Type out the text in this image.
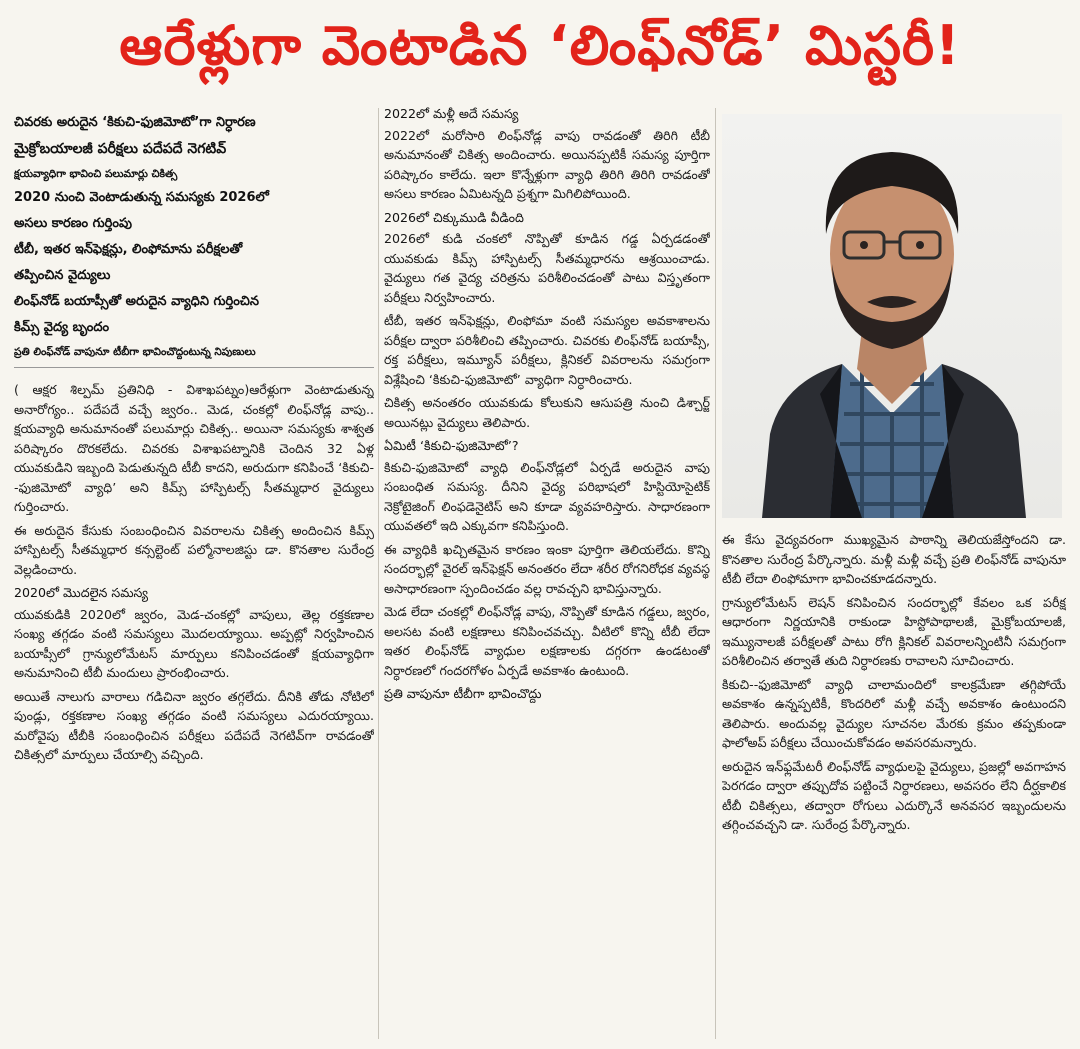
ఆరేళ్లుగా వెంటాడిన ‘లింఫ్‌నోడ్’ మిస్టరీ!
చివరకు అరుదైన ‘కికుచి-ఫుజిమోటో’గా నిర్ధారణ
మైక్రోబయాలజీ పరీక్షలు పదేపదే నెగటివ్
క్షయవ్యాధిగా భావించి పలుమార్లు చికిత్స
2020 నుంచి వెంటాడుతున్న సమస్యకు 2026లో
అసలు కారణం గుర్తింపు
టీబీ, ఇతర ఇన్‌ఫెక్షన్లు, లింఫోమాను పరీక్షలతో
తప్పించిన వైద్యులు
లింఫ్‌నోడ్ బయాప్సీతో అరుదైన వ్యాధిని గుర్తించిన
కిమ్స్ వైద్య బృందం
ప్రతి లింఫ్‌నోడ్ వాపునూ టీబీగా భావించొద్దంటున్న నిపుణులు

( ఆక్షర శిల్పమ్ ప్రతినిధి - విశాఖపట్నం)ఆరేళ్లుగా వెంటాడుతున్న అనారోగ్యం.. పదేపదే వచ్చే జ్వరం.. మెడ, చంకల్లో లింఫ్‌నోడ్ల వాపు.. క్షయవ్యాధి అనుమానంతో పలుమార్లు చికిత్స.. అయినా సమస్యకు శాశ్వత పరిష్కారం దొరకలేదు. చివరకు విశాఖపట్నానికి చెందిన 32 ఏళ్ల యువకుడిని ఇబ్బంది పెడుతున్నది టీబీ కాదని, అరుదుగా కనిపించే ‘కికుచి--ఫుజిమోటో వ్యాధి’ అని కిమ్స్ హాస్పిటల్స్ సీతమ్మధార వైద్యులు గుర్తించారు.

ఈ అరుదైన కేసుకు సంబంధించిన వివరాలను చికిత్స అందించిన కిమ్స్ హాస్పిటల్స్ సీతమ్మధార కన్సల్టెంట్ పల్మోనాలజిస్టు డా. కొనతాల సురేంద్ర వెల్లడించారు.

2020లో మొదలైన సమస్య

యువకుడికి 2020లో జ్వరం, మెడ-చంకల్లో వాపులు, తెల్ల రక్తకణాల సంఖ్య తగ్గడం వంటి సమస్యలు మొదలయ్యాయి. అప్పట్లో నిర్వహించిన బయాప్సీలో గ్రాన్యులోమేటస్ మార్పులు కనిపించడంతో క్షయవ్యాధిగా అనుమానించి టీబీ మందులు ప్రారంభించారు.

అయితే నాలుగు వారాలు గడిచినా జ్వరం తగ్గలేదు. దీనికి తోడు నోటిలో పుండ్లు, రక్తకణాల సంఖ్య తగ్గడం వంటి సమస్యలు ఎదురయ్యాయి. మరోవైపు టీబీకి సంబంధించిన పరీక్షలు పదేపదే నెగటివ్‌గా రావడంతో చికిత్సలో మార్పులు చేయాల్సి వచ్చింది.

2022లో మళ్లీ అదే సమస్య

2022లో మరోసారి లింఫ్‌నోడ్ల వాపు రావడంతో తిరిగి టీబీ అనుమానంతో చికిత్స అందించారు. అయినప్పటికీ సమస్య పూర్తిగా పరిష్కారం కాలేదు. ఇలా కొన్నేళ్లుగా వ్యాధి తిరిగి తిరిగి రావడంతో అసలు కారణం ఏమిటన్నది ప్రశ్నగా మిగిలిపోయింది.

2026లో చిక్కుముడి వీడింది

2026లో కుడి చంకలో నొప్పితో కూడిన గడ్డ ఏర్పడడంతో యువకుడు కిమ్స్ హాస్పిటల్స్ సీతమ్మధారను ఆశ్రయించాడు. వైద్యులు గత వైద్య చరిత్రను పరిశీలించడంతో పాటు విస్తృతంగా పరీక్షలు నిర్వహించారు.

టీబీ, ఇతర ఇన్‌ఫెక్షన్లు, లింఫోమా వంటి సమస్యల అవకాశాలను పరీక్షల ద్వారా పరిశీలించి తప్పించారు. చివరకు లింఫ్‌నోడ్ బయాప్సీ, రక్త పరీక్షలు, ఇమ్యూన్ పరీక్షలు, క్లినికల్ వివరాలను సమగ్రంగా విశ్లేషించి ‘కికుచి-ఫుజిమోటో’ వ్యాధిగా నిర్ధారించారు.

చికిత్స అనంతరం యువకుడు కోలుకుని ఆసుపత్రి నుంచి డిశ్చార్జ్ అయినట్లు వైద్యులు తెలిపారు.

ఏమిటీ ‘కికుచి-ఫుజిమోటో’?

కికుచి-ఫుజిమోటో వ్యాధి లింఫ్‌నోడ్లలో ఏర్పడే అరుదైన వాపు సంబంధిత సమస్య. దీనిని వైద్య పరిభాషలో హిస్టియోసైటిక్ నెక్రోటైజింగ్ లింఫడెనైటిస్ అని కూడా వ్యవహరిస్తారు. సాధారణంగా యువతలో ఇది ఎక్కువగా కనిపిస్తుంది.

ఈ వ్యాధికి ఖచ్చితమైన కారణం ఇంకా పూర్తిగా తెలియలేదు. కొన్ని సందర్భాల్లో వైరల్ ఇన్‌ఫెక్షన్ అనంతరం లేదా శరీర రోగనిరోధక వ్యవస్థ అసాధారణంగా స్పందించడం వల్ల రావచ్చని భావిస్తున్నారు.

మెడ లేదా చంకల్లో లింఫ్‌నోడ్ల వాపు, నొప్పితో కూడిన గడ్డలు, జ్వరం, అలసట వంటి లక్షణాలు కనిపించవచ్చు. వీటిలో కొన్ని టీబీ లేదా ఇతర లింఫ్‌నోడ్ వ్యాధుల లక్షణాలకు దగ్గరగా ఉండటంతో నిర్ధారణలో గందరగోళం ఏర్పడే అవకాశం ఉంటుంది.

ప్రతి వాపునూ టీబీగా భావించొద్దు

ఈ కేసు వైద్యవరంగా ముఖ్యమైన పాఠాన్ని తెలియజేస్తోందని డా. కొనతాల సురేంద్ర పేర్కొన్నారు. మళ్లీ మళ్లీ వచ్చే ప్రతి లింఫ్‌నోడ్ వాపునూ టీబీ లేదా లింఫోమాగా భావించకూడదన్నారు.

గ్రాన్యులోమేటస్ లెషన్ కనిపించిన సందర్భాల్లో కేవలం ఒక పరీక్ష ఆధారంగా నిర్ణయానికి రాకుండా హిస్టోపాథాలజీ, మైక్రోబయాలజీ, ఇమ్యునాలజీ పరీక్షలతో పాటు రోగి క్లినికల్ వివరాలన్నింటినీ సమగ్రంగా పరిశీలించిన తర్వాతే తుది నిర్ధారణకు రావాలని సూచించారు.

కికుచి--ఫుజిమోటో వ్యాధి చాలామందిలో కాలక్రమేణా తగ్గిపోయే అవకాశం ఉన్నప్పటికీ, కొందరిలో మళ్లీ వచ్చే అవకాశం ఉంటుందని తెలిపారు. అందువల్ల వైద్యుల సూచనల మేరకు క్రమం తప్పకుండా ఫాలోఅప్ పరీక్షలు చేయించుకోవడం అవసరమన్నారు.

అరుదైన ఇన్‌ఫ్లమేటరీ లింఫ్‌నోడ్ వ్యాధులపై వైద్యులు, ప్రజల్లో అవగాహన పెరగడం ద్వారా తప్పుదోవ పట్టించే నిర్ధారణలు, అవసరం లేని దీర్ఘకాలిక టీబీ చికిత్సలు, తద్వారా రోగులు ఎదుర్కొనే అనవసర ఇబ్బందులను తగ్గించవచ్చని డా. సురేంద్ర పేర్కొన్నారు.
